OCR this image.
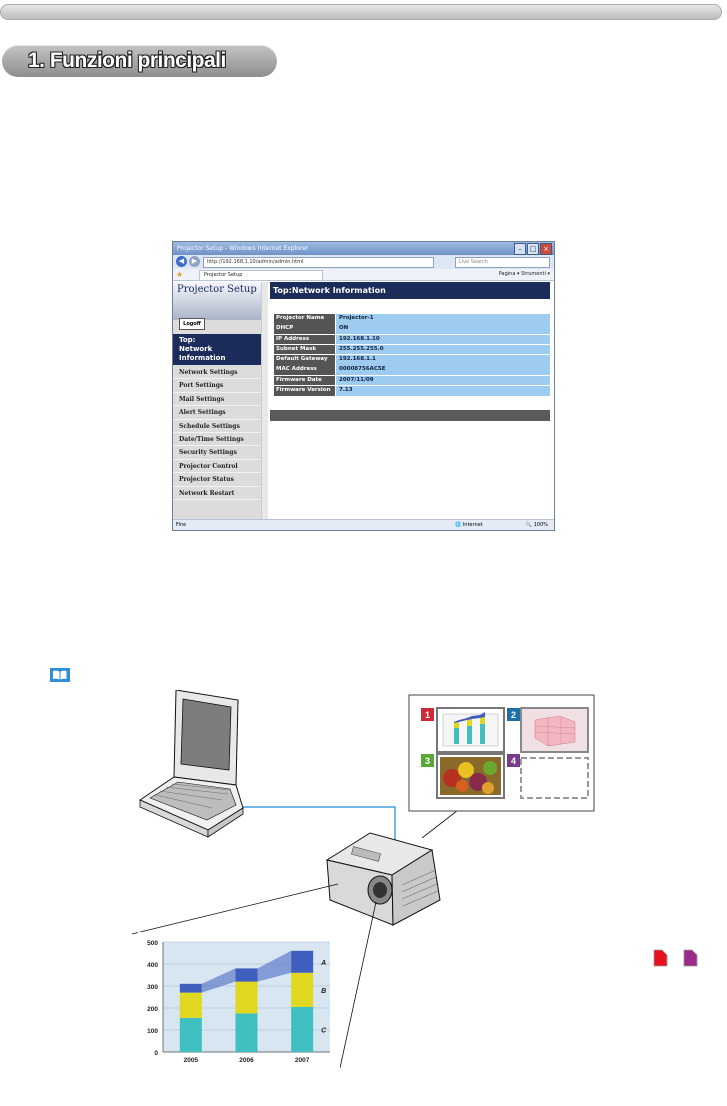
1. Funzioni principali
Projector Setup - Windows Internet Explorer	–	□ ×
◀	▶	http://192.168.1.10/admin/admin.html	Live Search
★	Projector Setup	Pagina ▾ Strumenti ▾
Projector Setup
Logoff
Top:
Network
Information
Network Settings
Port Settings
Mail Settings
Alert Settings
Schedule Settings
Date/Time Settings
Security Settings
Projector Control
Projector Status
Network Restart
Top:Network Information
Projector Name	Projector-1
DHCP	ON
IP Address	192.168.1.10
Subnet Mask	255.255.255.0
Default Gateway	192.168.1.1
MAC Address	00008756AC5E
Firmware Date	2007/11/09
Firmware Version	7.13
Fine	🌐 Internet	🔍 100%
1	2
3	4
0
100
200
300
400
500
2005	2006	2007
C
B
A
